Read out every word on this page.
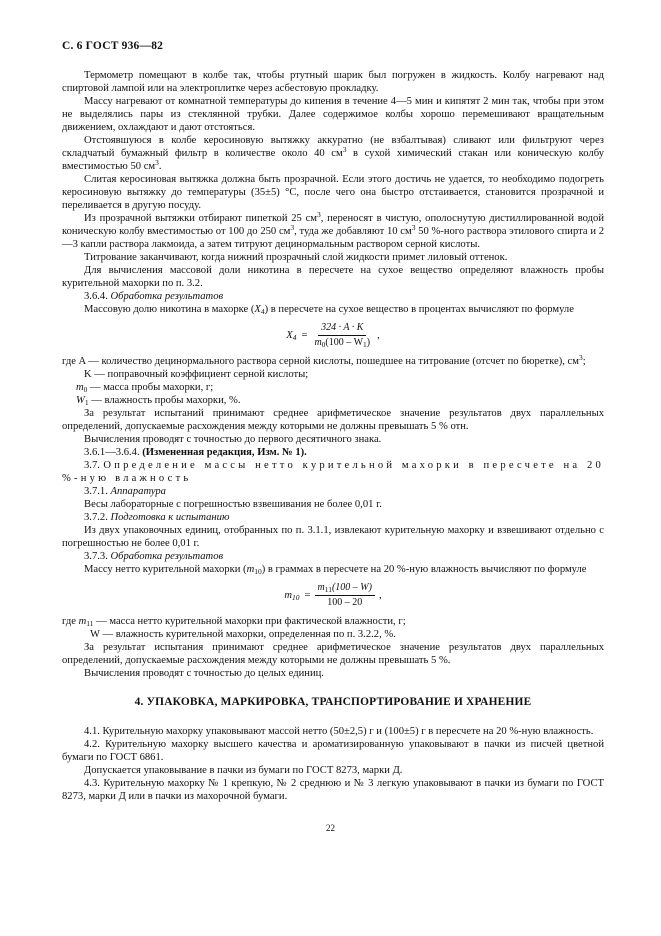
С. 6 ГОСТ 936—82

Термометр помещают в колбе так, чтобы ртутный шарик был погружен в жидкость. Колбу нагревают над спиртовой лампой или на электроплитке через асбестовую прокладку.

Массу нагревают от комнатной температуры до кипения в течение 4—5 мин и кипятят 2 мин так, чтобы при этом не выделялись пары из стеклянной трубки. Далее содержимое колбы хорошо перемешивают вращательным движением, охлаждают и дают отстояться.

Отстоявшуюся в колбе керосиновую вытяжку аккуратно (не взбалтывая) сливают или фильтруют через складчатый бумажный фильтр в количестве около 40 $см^3$ в сухой химический стакан или коническую колбу вместимостью 50 $см^3$.

Слитая керосиновая вытяжка должна быть прозрачной. Если этого достичь не удается, то необходимо подогреть керосиновую вытяжку до температуры (35±5) °С, после чего она быстро отстаивается, становится прозрачной и переливается в другую посуду.

Из прозрачной вытяжки отбирают пипеткой 25 $см^3$, переносят в чистую, ополоснутую дистиллированной водой коническую колбу вместимостью от 100 до 250 $см^3$, туда же добавляют 10 $см^3$ 50 %-ного раствора этилового спирта и 2—3 капли раствора лакмоида, а затем титруют децинормальным раствором серной кислоты.

Титрование заканчивают, когда нижний прозрачный слой жидкости примет лиловый оттенок.

Для вычисления массовой доли никотина в пересчете на сухое вещество определяют влажность пробы курительной махорки по п. 3.2.

3.6.4. Обработка результатов

Массовую долю никотина в махорке $(X_4)$ в пересчете на сухое вещество в процентах вычисляют по формуле

$X_4 = \frac{324 \cdot A \cdot K}{m_0(100 - W_1)}$ ,

где A — количество децинормального раствора серной кислоты, пошедшее на титрование (отсчет по бюретке), $см^3$;

K — поправочный коэффициент серной кислоты;

$m_0$ — масса пробы махорки, г;

$W_1$ — влажность пробы махорки, %.

За результат испытаний принимают среднее арифметическое значение результатов двух параллельных определений, допускаемые расхождения между которыми не должны превышать 5 % отн.

Вычисления проводят с точностью до первого десятичного знака.

3.6.1—3.6.4. (Измененная редакция, Изм. № 1).

3.7. Определение массы нетто курительной махорки в пересчете на 20 %-ную влажность

3.7.1. Аппаратура

Весы лабораторные с погрешностью взвешивания не более 0,01 г.

3.7.2. Подготовка к испытанию

Из двух упаковочных единиц, отобранных по п. 3.1.1, извлекают курительную махорку и взвешивают отдельно с погрешностью не более 0,01 г.

3.7.3. Обработка результатов

Массу нетто курительной махорки $(m_{10})$ в граммах в пересчете на 20 %-ную влажность вычисляют по формуле

$m_{10} = \frac{m_{11}(100 - W)}{100 - 20}$ ,

где $m_{11}$ — масса нетто курительной махорки при фактической влажности, г;

W — влажность курительной махорки, определенная по п. 3.2.2, %.

За результат испытания принимают среднее арифметическое значение результатов двух параллельных определений, допускаемые расхождения между которыми не должны превышать 5 %.

Вычисления проводят с точностью до целых единиц.

4. УПАКОВКА, МАРКИРОВКА, ТРАНСПОРТИРОВАНИЕ И ХРАНЕНИЕ

4.1. Курительную махорку упаковывают массой нетто (50±2,5) г и (100±5) г в пересчете на 20 %-ную влажность.

4.2. Курительную махорку высшего качества и ароматизированную упаковывают в пачки из писчей цветной бумаги по ГОСТ 6861.

Допускается упаковывание в пачки из бумаги по ГОСТ 8273, марки Д.

4.3. Курительную махорку № 1 крепкую, № 2 среднюю и № 3 легкую упаковывают в пачки из бумаги по ГОСТ 8273, марки Д или в пачки из махорочной бумаги.

22
